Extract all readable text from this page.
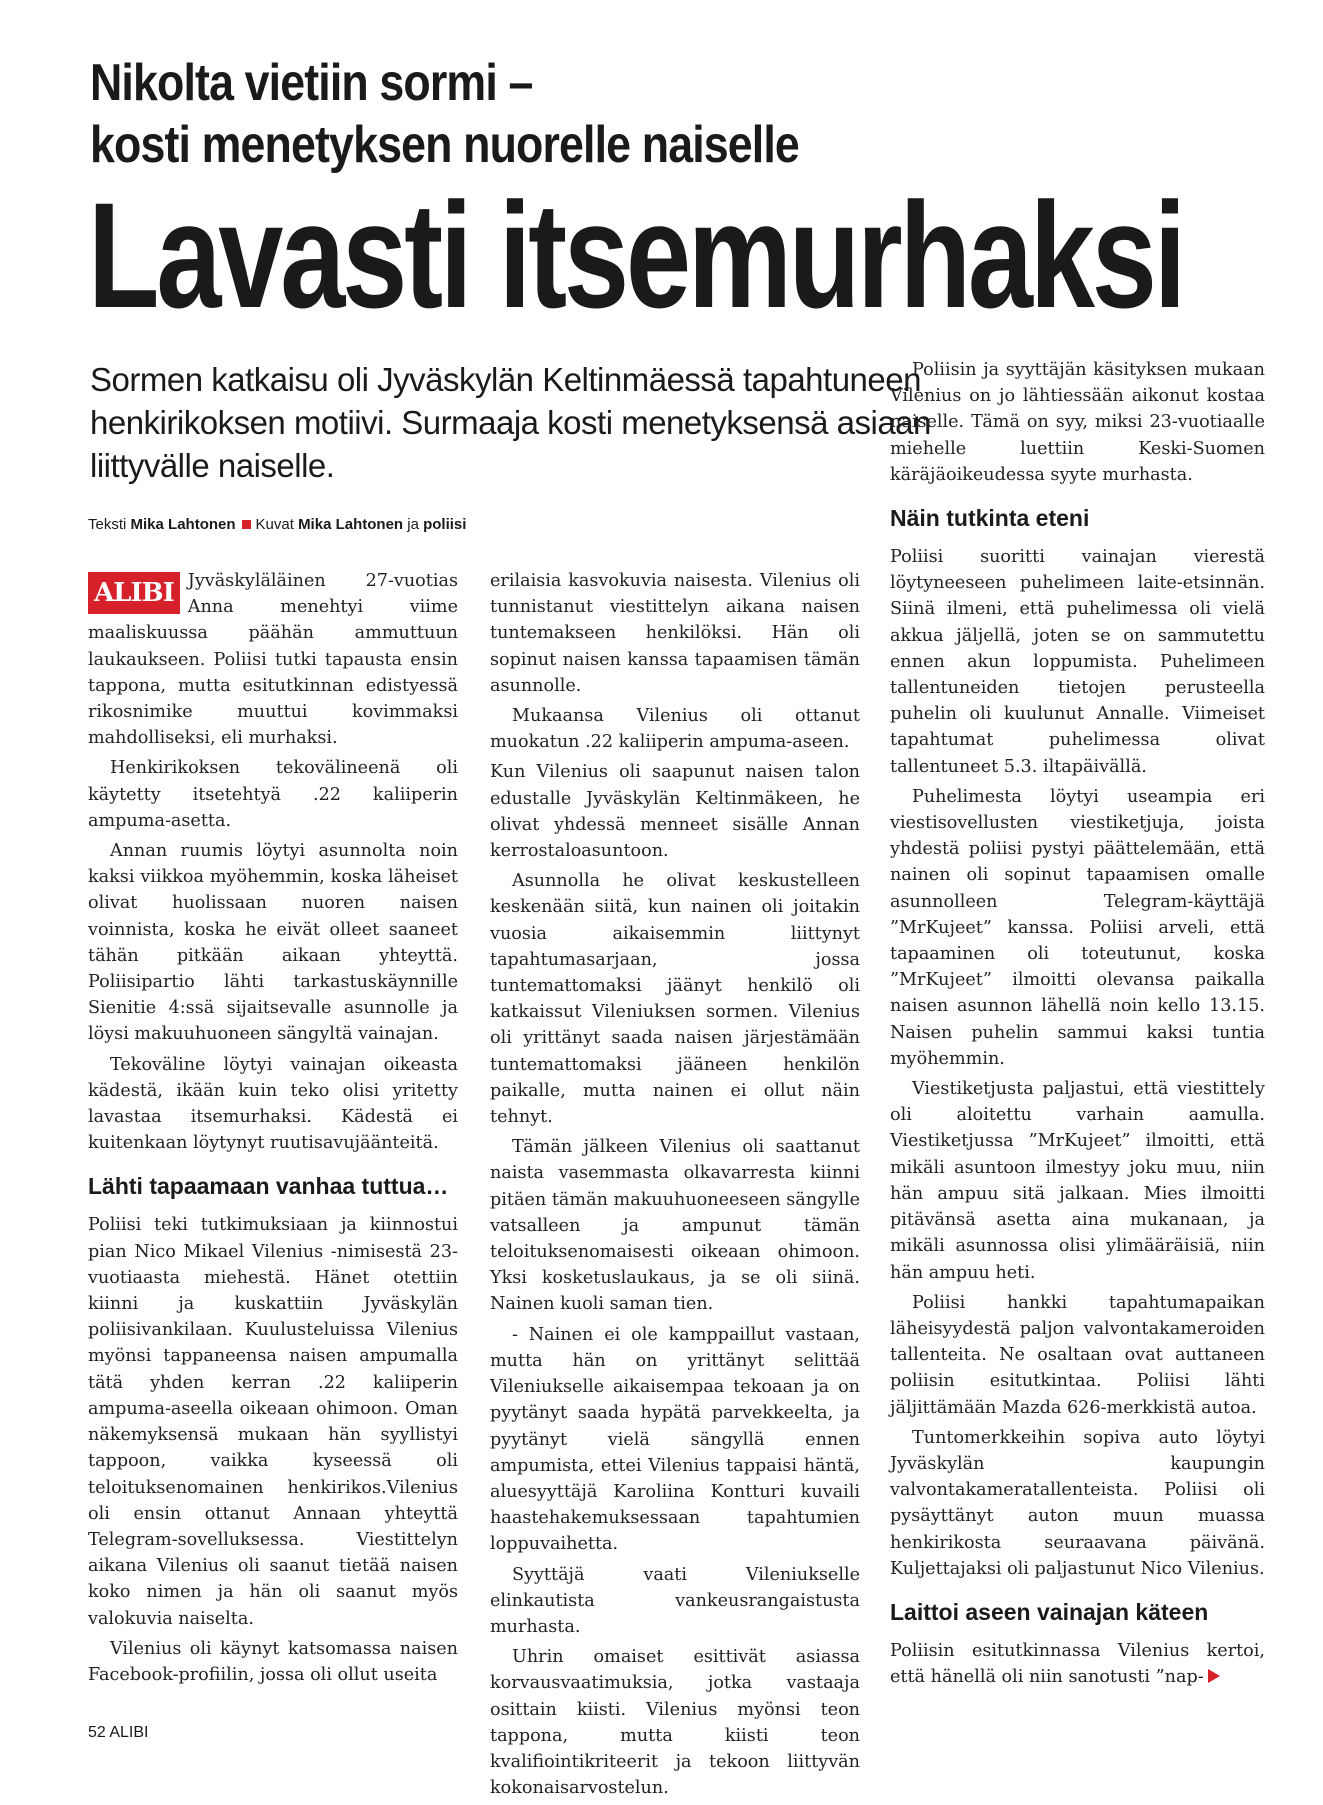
Nikolta vietiin sormi –
kosti menetyksen nuorelle naiselle
Lavasti itsemurhaksi

Sormen katkaisu oli Jyväskylän Keltinmäessä tapahtuneen henkirikoksen motiivi. Surmaaja kosti menetyksensä asiaan liittyvälle naiselle.

Teksti Mika Lahtonen Kuvat Mika Lahtonen ja poliisi

ALIBI Jyväskyläläinen 27-vuotias Anna menehtyi viime maaliskuussa päähän ammuttuun laukaukseen. Poliisi tutki tapausta ensin tappona, mutta esitutkinnan edistyessä rikosnimike muuttui kovimmaksi mahdolliseksi, eli murhaksi.

Henkirikoksen tekovälineenä oli käytetty itsetehtyä .22 kaliiperin ampuma-asetta.

Annan ruumis löytyi asunnolta noin kaksi viikkoa myöhemmin, koska läheiset olivat huolissaan nuoren naisen voinnista, koska he eivät olleet saaneet tähän pitkään aikaan yhteyttä. Poliisipartio lähti tarkastuskäynnille Sienitie 4:ssä sijaitsevalle asunnolle ja löysi makuuhuoneen sängyltä vainajan.

Tekoväline löytyi vainajan oikeasta kädestä, ikään kuin teko olisi yritetty lavastaa itsemurhaksi. Kädestä ei kuitenkaan löytynyt ruutisavujäänteitä.

Lähti tapaamaan vanhaa tuttua…

Poliisi teki tutkimuksiaan ja kiinnostui pian Nico Mikael Vilenius -nimisestä 23-vuotiaasta miehestä. Hänet otettiin kiinni ja kuskattiin Jyväskylän poliisivankilaan. Kuulusteluissa Vilenius myönsi tappaneensa naisen ampumalla tätä yhden kerran .22 kaliiperin ampuma-aseella oikeaan ohimoon. Oman näkemyksensä mukaan hän syyllistyi tappoon, vaikka kyseessä oli teloituksenomainen henkirikos.Vilenius oli ensin ottanut Annaan yhteyttä Telegram-sovelluksessa. Viestittelyn aikana Vilenius oli saanut tietää naisen koko nimen ja hän oli saanut myös valokuvia naiselta.

Vilenius oli käynyt katsomassa naisen Facebook-profiilin, jossa oli ollut useita

erilaisia kasvokuvia naisesta. Vilenius oli tunnistanut viestittelyn aikana naisen tuntemakseen henkilöksi. Hän oli sopinut naisen kanssa tapaamisen tämän asunnolle.

Mukaansa Vilenius oli ottanut muokatun .22 kaliiperin ampuma-aseen.

Kun Vilenius oli saapunut naisen talon edustalle Jyväskylän Keltinmäkeen, he olivat yhdessä menneet sisälle Annan kerrostaloasuntoon.

Asunnolla he olivat keskustelleen keskenään siitä, kun nainen oli joitakin vuosia aikaisemmin liittynyt tapahtumasarjaan, jossa tuntemattomaksi jäänyt henkilö oli katkaissut Vileniuksen sormen. Vilenius oli yrittänyt saada naisen järjestämään tuntemattomaksi jääneen henkilön paikalle, mutta nainen ei ollut näin tehnyt.

Tämän jälkeen Vilenius oli saattanut naista vasemmasta olkavarresta kiinni pitäen tämän makuuhuoneeseen sängylle vatsalleen ja ampunut tämän teloituksenomaisesti oikeaan ohimoon. Yksi kosketuslaukaus, ja se oli siinä. Nainen kuoli saman tien.

- Nainen ei ole kamppaillut vastaan, mutta hän on yrittänyt selittää Vileniukselle aikaisempaa tekoaan ja on pyytänyt saada hypätä parvekkeelta, ja pyytänyt vielä sängyllä ennen ampumista, ettei Vilenius tappaisi häntä, aluesyyttäjä Karoliina Kontturi kuvaili haastehakemuksessaan tapahtumien loppuvaihetta.

Syyttäjä vaati Vileniukselle elinkautista vankeusrangaistusta murhasta.

Uhrin omaiset esittivät asiassa korvausvaatimuksia, jotka vastaaja osittain kiisti. Vilenius myönsi teon tappona, mutta kiisti teon kvalifiointikriteerit ja tekoon liittyvän kokonaisarvostelun.

Poliisin ja syyttäjän käsityksen mukaan Vilenius on jo lähtiessään aikonut kostaa naiselle. Tämä on syy, miksi 23-vuotiaalle miehelle luettiin Keski-Suomen käräjäoikeudessa syyte murhasta.

Näin tutkinta eteni

Poliisi suoritti vainajan vierestä löytyneeseen puhelimeen laite-etsinnän. Siinä ilmeni, että puhelimessa oli vielä akkua jäljellä, joten se on sammutettu ennen akun loppumista. Puhelimeen tallentuneiden tietojen perusteella puhelin oli kuulunut Annalle. Viimeiset tapahtumat puhelimessa olivat tallentuneet 5.3. iltapäivällä.

Puhelimesta löytyi useampia eri viestisovellusten viestiketjuja, joista yhdestä poliisi pystyi päättelemään, että nainen oli sopinut tapaamisen omalle asunnolleen Telegram-käyttäjä ”MrKujeet” kanssa. Poliisi arveli, että tapaaminen oli toteutunut, koska ”MrKujeet” ilmoitti olevansa paikalla naisen asunnon lähellä noin kello 13.15. Naisen puhelin sammui kaksi tuntia myöhemmin.

Viestiketjusta paljastui, että viestittely oli aloitettu varhain aamulla. Viestiketjussa ”MrKujeet” ilmoitti, että mikäli asuntoon ilmestyy joku muu, niin hän ampuu sitä jalkaan. Mies ilmoitti pitävänsä asetta aina mukanaan, ja mikäli asunnossa olisi ylimääräisiä, niin hän ampuu heti.

Poliisi hankki tapahtumapaikan läheisyydestä paljon valvontakameroiden tallenteita. Ne osaltaan ovat auttaneen poliisin esitutkintaa. Poliisi lähti jäljittämään Mazda 626-merkkistä autoa.

Tuntomerkkeihin sopiva auto löytyi Jyväskylän kaupungin valvontakameratallenteista. Poliisi oli pysäyttänyt auton muun muassa henkirikosta seuraavana päivänä. Kuljettajaksi oli paljastunut Nico Vilenius.

Laittoi aseen vainajan käteen

Poliisin esitutkinnassa Vilenius kertoi, että hänellä oli niin sanotusti ”nap-

52 ALIBI
